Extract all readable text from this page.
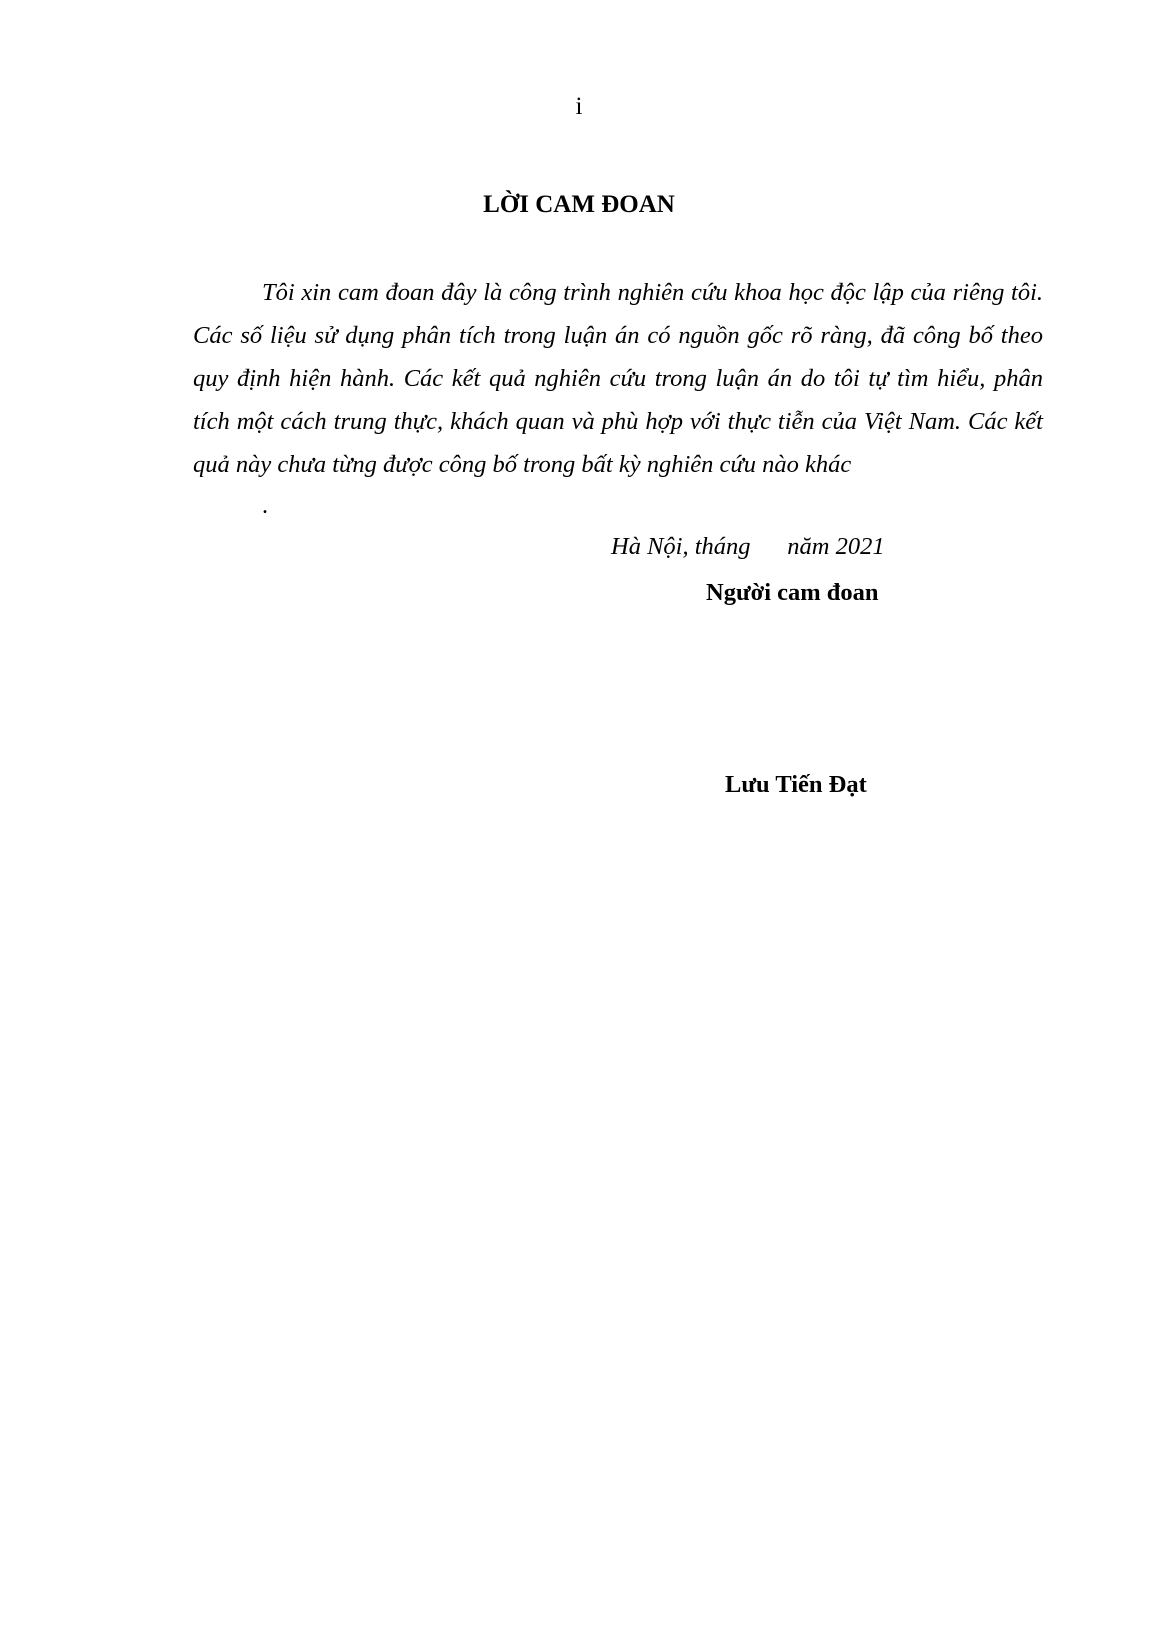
i
LỜI CAM ĐOAN

Tôi xin cam đoan đây là công trình nghiên cứu khoa học độc lập của riêng tôi. Các số liệu sử dụng phân tích trong luận án có nguồn gốc rõ ràng, đã công bố theo quy định hiện hành. Các kết quả nghiên cứu trong luận án do tôi tự tìm hiểu, phân tích một cách trung thực, khách quan và phù hợp với thực tiễn của Việt Nam. Các kết quả này chưa từng được công bố trong bất kỳ nghiên cứu nào khác

.
Hà Nội, tháng      năm 2021
Người cam đoan
Lưu Tiến Đạt
